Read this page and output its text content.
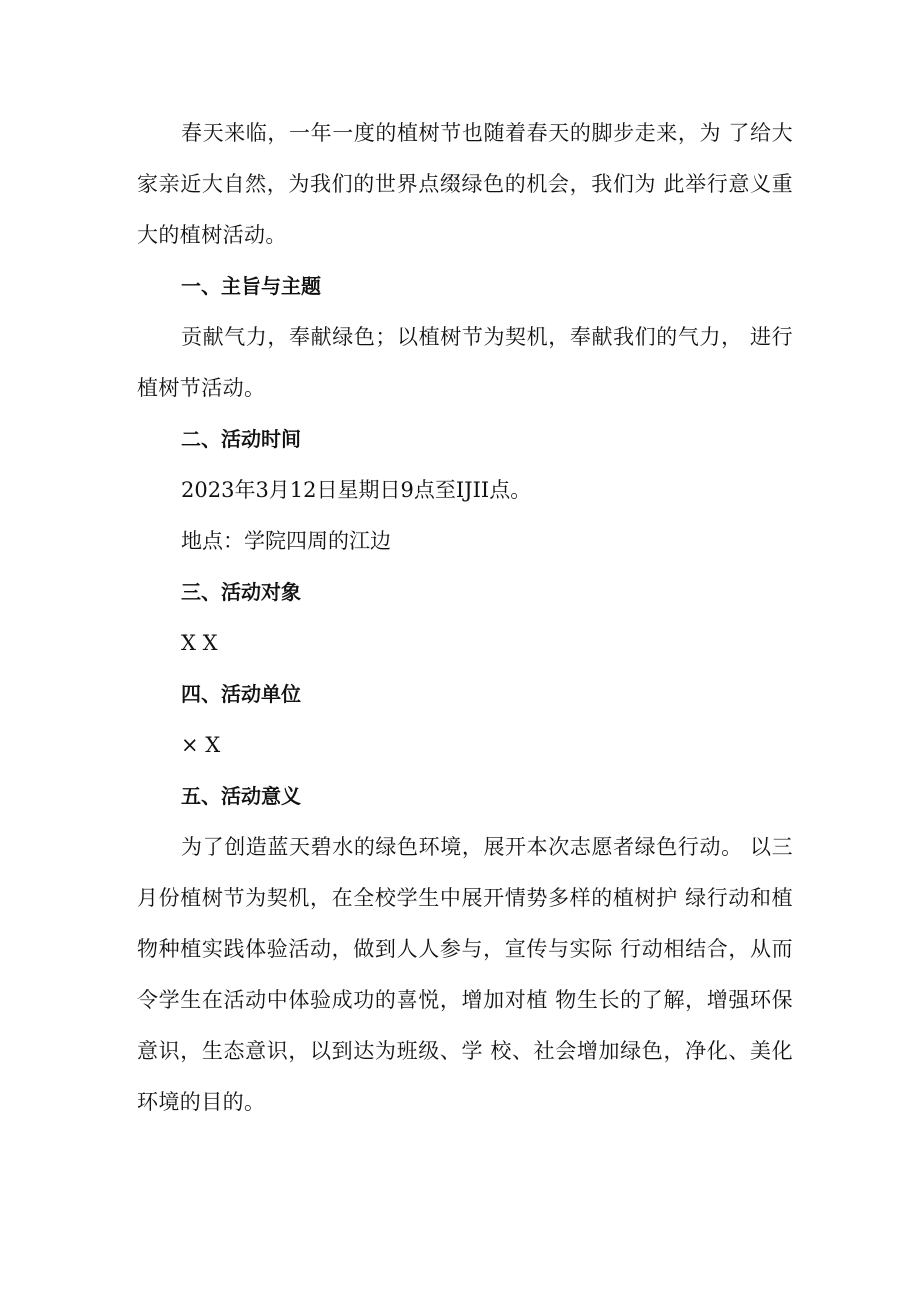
春天来临，一年一度的植树节也随着春天的脚步走来，为 了给大家亲近大自然，为我们的世界点缀绿色的机会，我们为 此举行意义重大的植树活动。

一、主旨与主题

贡献气力，奉献绿色；以植树节为契机，奉献我们的气力， 进行植树节活动。

二、活动时间

2023年3月12日星期日9点至IJII点。

地点：学院四周的江边

三、活动对象

X X

四、活动单位

× X

五、活动意义

为了创造蓝天碧水的绿色环境，展开本次志愿者绿色行动。 以三月份植树节为契机，在全校学生中展开情势多样的植树护 绿行动和植物种植实践体验活动，做到人人参与，宣传与实际 行动相结合，从而令学生在活动中体验成功的喜悦，增加对植 物生长的了解，增强环保意识，生态意识，以到达为班级、学 校、社会增加绿色，净化、美化环境的目的。
